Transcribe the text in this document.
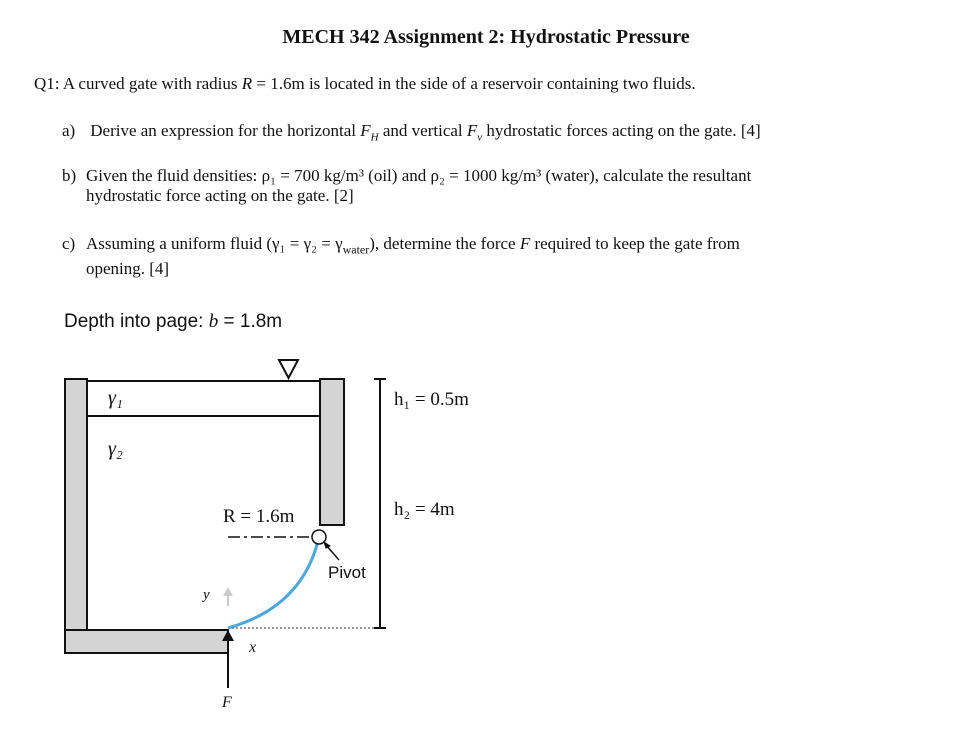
MECH 342 Assignment 2: Hydrostatic Pressure
Q1: A curved gate with radius R = 1.6m is located in the side of a reservoir containing two fluids.
a) Derive an expression for the horizontal $F_H$ and vertical $F_v$ hydrostatic forces acting on the gate. [4]
b) Given the fluid densities: ρ₁ = 700 kg/m³ (oil) and ρ₂ = 1000 kg/m³ (water), calculate the resultant
hydrostatic force acting on the gate. [2]
c) Assuming a uniform fluid $(\gamma_1 = \gamma_2 = \gamma_{water})$, determine the force F required to keep the gate from
opening. [4]
Depth into page: b = 1.8m
γ₁
γ₂
h₁ = 0.5m
h₂ = 4m
R = 1.6m
Pivot
y
x
F
